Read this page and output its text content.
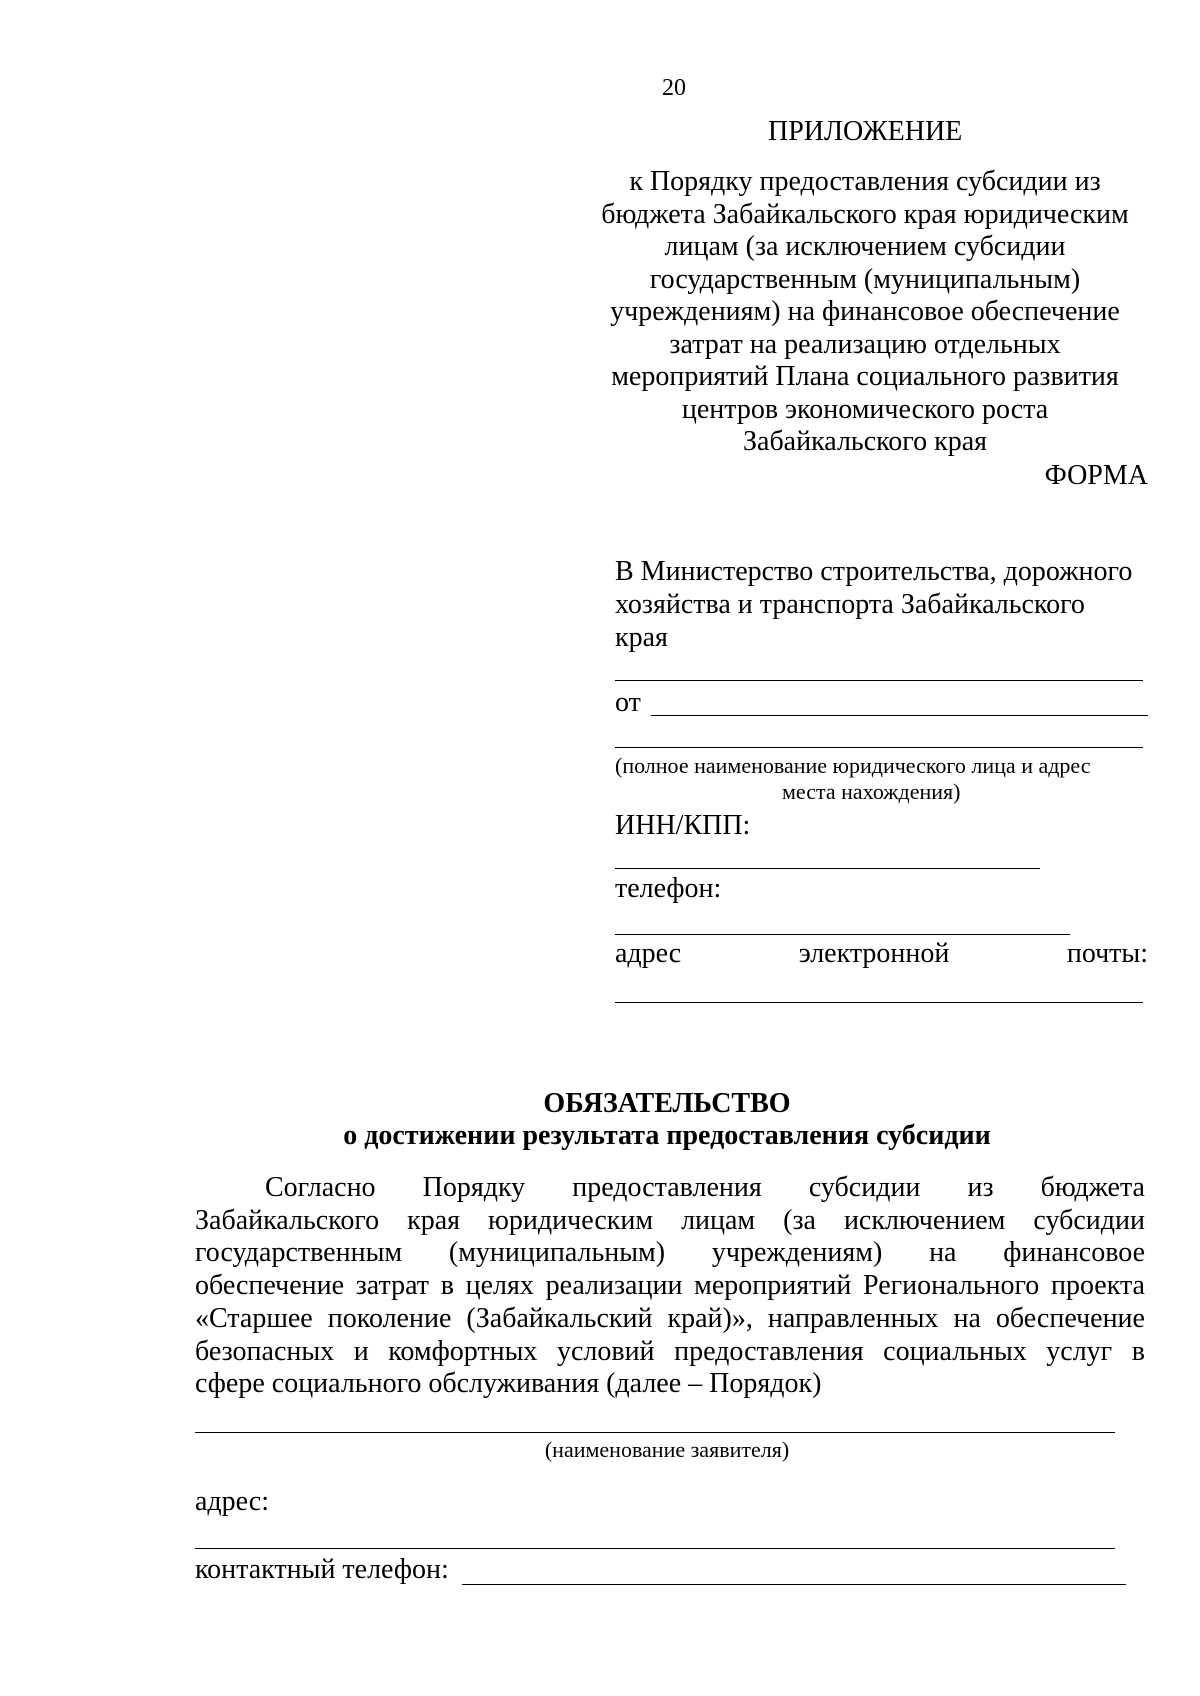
20
ПРИЛОЖЕНИЕ
к Порядку предоставления субсидии из
бюджета Забайкальского края юридическим
лицам (за исключением субсидии
государственным (муниципальным)
учреждениям) на финансовое обеспечение
затрат на реализацию отдельных
мероприятий Плана социального развития
центров экономического роста
Забайкальского края
ФОРМА
В Министерство строительства, дорожного
хозяйства и транспорта Забайкальского
края
от
(полное наименование юридического лица и адрес
места нахождения)
ИНН/КПП:
телефон:
адрес	электронной	почты:
ОБЯЗАТЕЛЬСТВО
о достижении результата предоставления субсидии
Согласно Порядку предоставления субсидии из бюджета
Забайкальского края юридическим лицам (за исключением субсидии
государственным (муниципальным) учреждениям) на финансовое
обеспечение затрат в целях реализации мероприятий Регионального проекта
«Старшее поколение (Забайкальский край)», направленных на обеспечение
безопасных и комфортных условий предоставления социальных услуг в
сфере социального обслуживания (далее – Порядок)
(наименование заявителя)
адрес:
контактный телефон:
